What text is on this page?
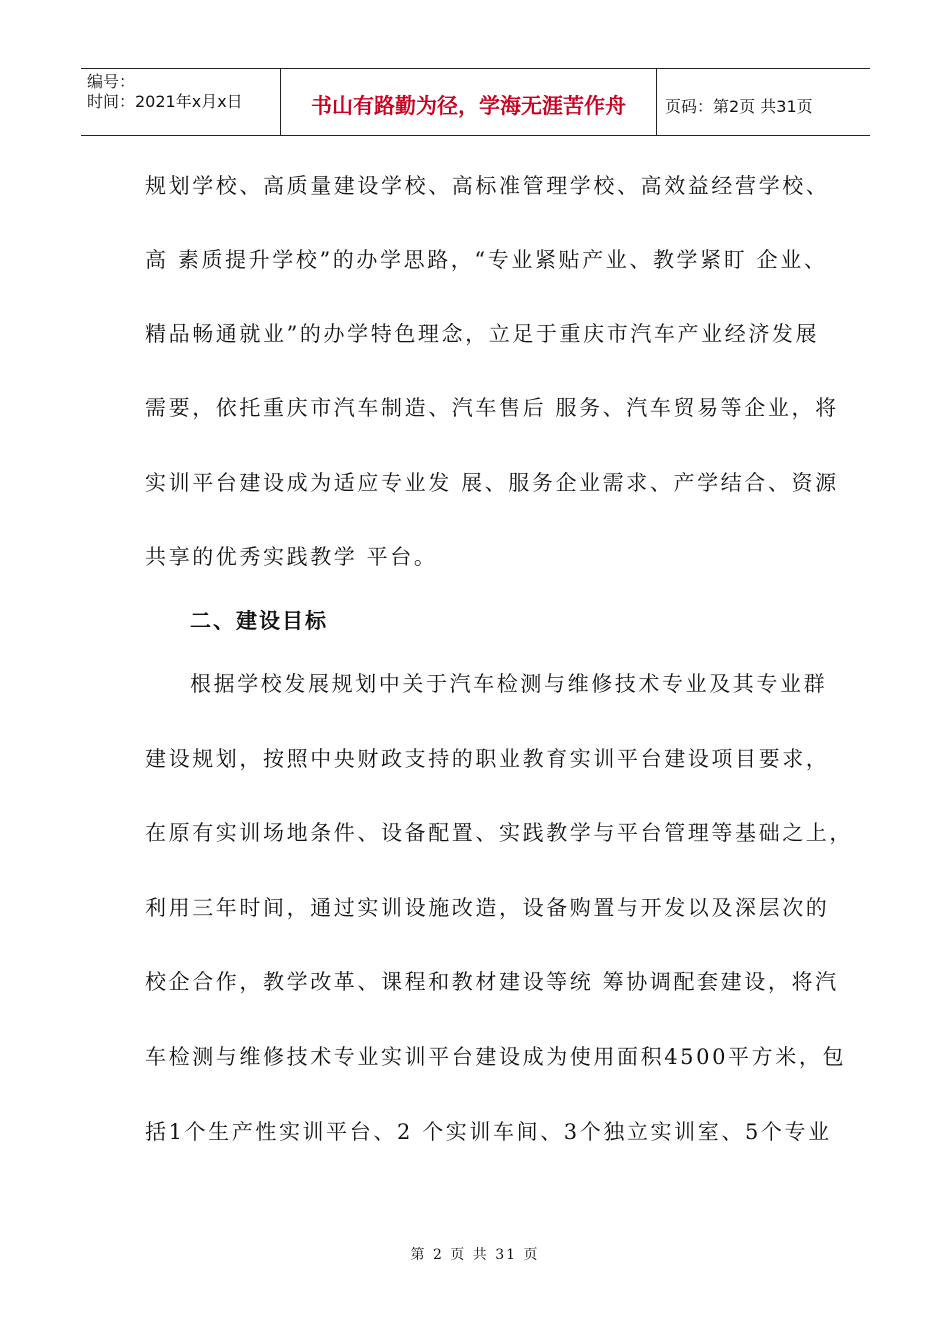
编号：
时间：2021年x月x日	书山有路勤为径，学海无涯苦作舟	页码：第2页 共31页
规划学校、高质量建设学校、高标准管理学校、高效益经营学校、
高 素质提升学校”的办学思路，“专业紧贴产业、教学紧盯 企业、
精品畅通就业”的办学特色理念，立足于重庆市汽车产业经济发展
需要，依托重庆市汽车制造、汽车售后 服务、汽车贸易等企业，将
实训平台建设成为适应专业发 展、服务企业需求、产学结合、资源
共享的优秀实践教学 平台。
二、建设目标
根据学校发展规划中关于汽车检测与维修技术专业及其专业群
建设规划，按照中央财政支持的职业教育实训平台建设项目要求，
在原有实训场地条件、设备配置、实践教学与平台管理等基础之上，
利用三年时间，通过实训设施改造，设备购置与开发以及深层次的
校企合作，教学改革、课程和教材建设等统 筹协调配套建设，将汽
车检测与维修技术专业实训平台建设成为使用面积4500平方米，包
括1个生产性实训平台、2 个实训车间、3个独立实训室、5个专业
第 2 页 共 31 页
